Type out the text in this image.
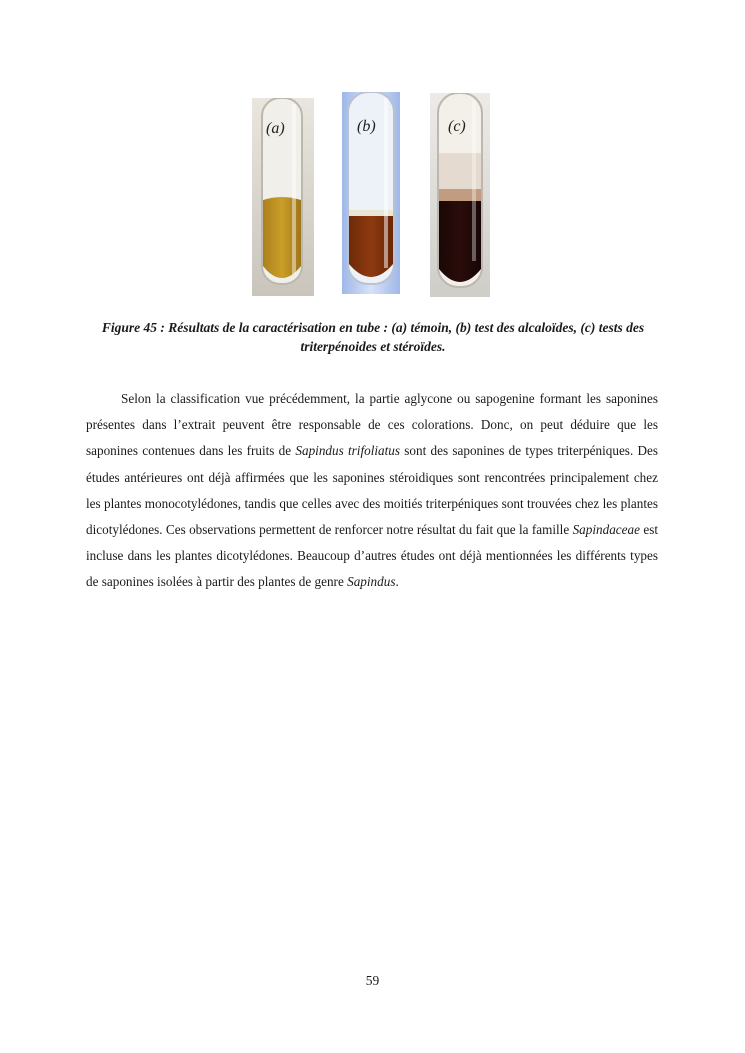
(a)	(b)	(c)
Figure 45 : Résultats de la caractérisation en tube : (a) témoin, (b) test des alcaloïdes, (c) tests des triterpénoides et stéroïdes.

Selon la classification vue précédemment, la partie aglycone ou sapogenine formant les saponines présentes dans l’extrait peuvent être responsable de ces colorations. Donc, on peut déduire que les saponines contenues dans les fruits de Sapindus trifoliatus sont des saponines de types triterpéniques. Des études antérieures ont déjà affirmées que les saponines stéroidiques sont rencontrées principalement chez les plantes monocotylédones, tandis que celles avec des moitiés triterpéniques sont trouvées chez les plantes dicotylédones. Ces observations permettent de renforcer notre résultat du fait que la famille Sapindaceae est incluse dans les plantes dicotylédones. Beaucoup d’autres études ont déjà mentionnées les différents types de saponines isolées à partir des plantes de genre Sapindus.

59
